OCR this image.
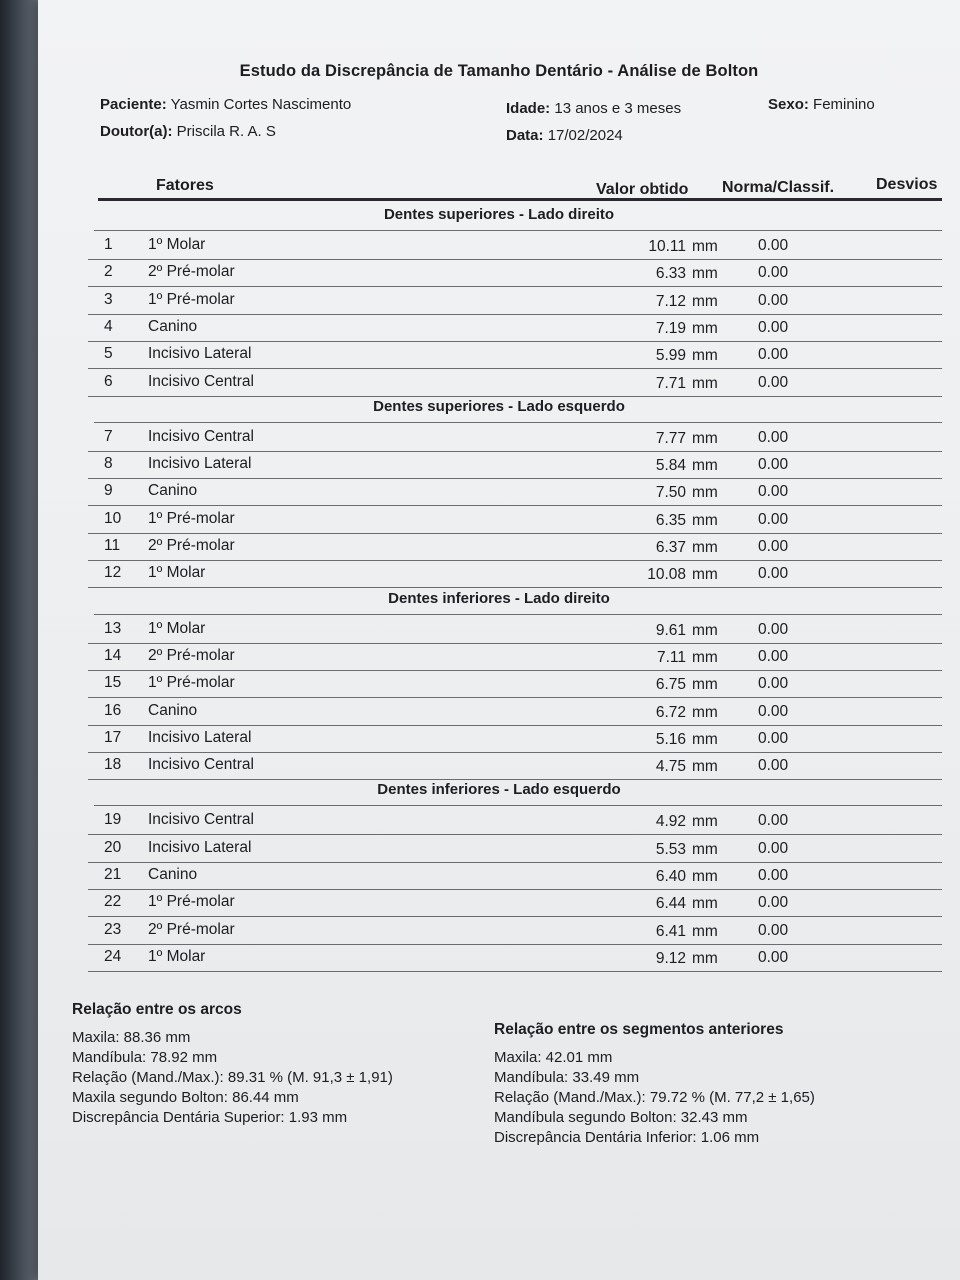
Estudo da Discrepância de Tamanho Dentário - Análise de Bolton
Paciente: Yasmin Cortes Nascimento
Doutor(a): Priscila R. A. S
Idade: 13 anos e 3 meses
Data: 17/02/2024
Sexo: Feminino
Fatores	Valor obtido Norma/Classif.	Desvios
Dentes superiores - Lado direito
1 1º Molar	10.11 mm	0.00
2 2º Pré-molar	6.33 mm	0.00
3 1º Pré-molar	7.12 mm	0.00
4 Canino	7.19 mm	0.00
5 Incisivo Lateral	5.99 mm	0.00
6 Incisivo Central	7.71 mm	0.00
Dentes superiores - Lado esquerdo
7 Incisivo Central	7.77 mm	0.00
8 Incisivo Lateral	5.84 mm	0.00
9 Canino	7.50 mm	0.00
10 1º Pré-molar	6.35 mm	0.00
11 2º Pré-molar	6.37 mm	0.00
12 1º Molar	10.08 mm	0.00
Dentes inferiores - Lado direito
13 1º Molar	9.61 mm	0.00
14 2º Pré-molar	7.11 mm	0.00
15 1º Pré-molar	6.75 mm	0.00
16 Canino	6.72 mm	0.00
17 Incisivo Lateral	5.16 mm	0.00
18 Incisivo Central	4.75 mm	0.00
Dentes inferiores - Lado esquerdo
19 Incisivo Central	4.92 mm	0.00
20 Incisivo Lateral	5.53 mm	0.00
21 Canino	6.40 mm	0.00
22 1º Pré-molar	6.44 mm	0.00
23 2º Pré-molar	6.41 mm	0.00
24 1º Molar	9.12 mm	0.00
Relação entre os arcos
Maxila: 88.36 mm
Mandíbula: 78.92 mm
Relação (Mand./Max.): 89.31 % (M. 91,3 ± 1,91)
Maxila segundo Bolton: 86.44 mm
Discrepância Dentária Superior: 1.93 mm
Relação entre os segmentos anteriores
Maxila: 42.01 mm
Mandíbula: 33.49 mm
Relação (Mand./Max.): 79.72 % (M. 77,2 ± 1,65)
Mandíbula segundo Bolton: 32.43 mm
Discrepância Dentária Inferior: 1.06 mm
